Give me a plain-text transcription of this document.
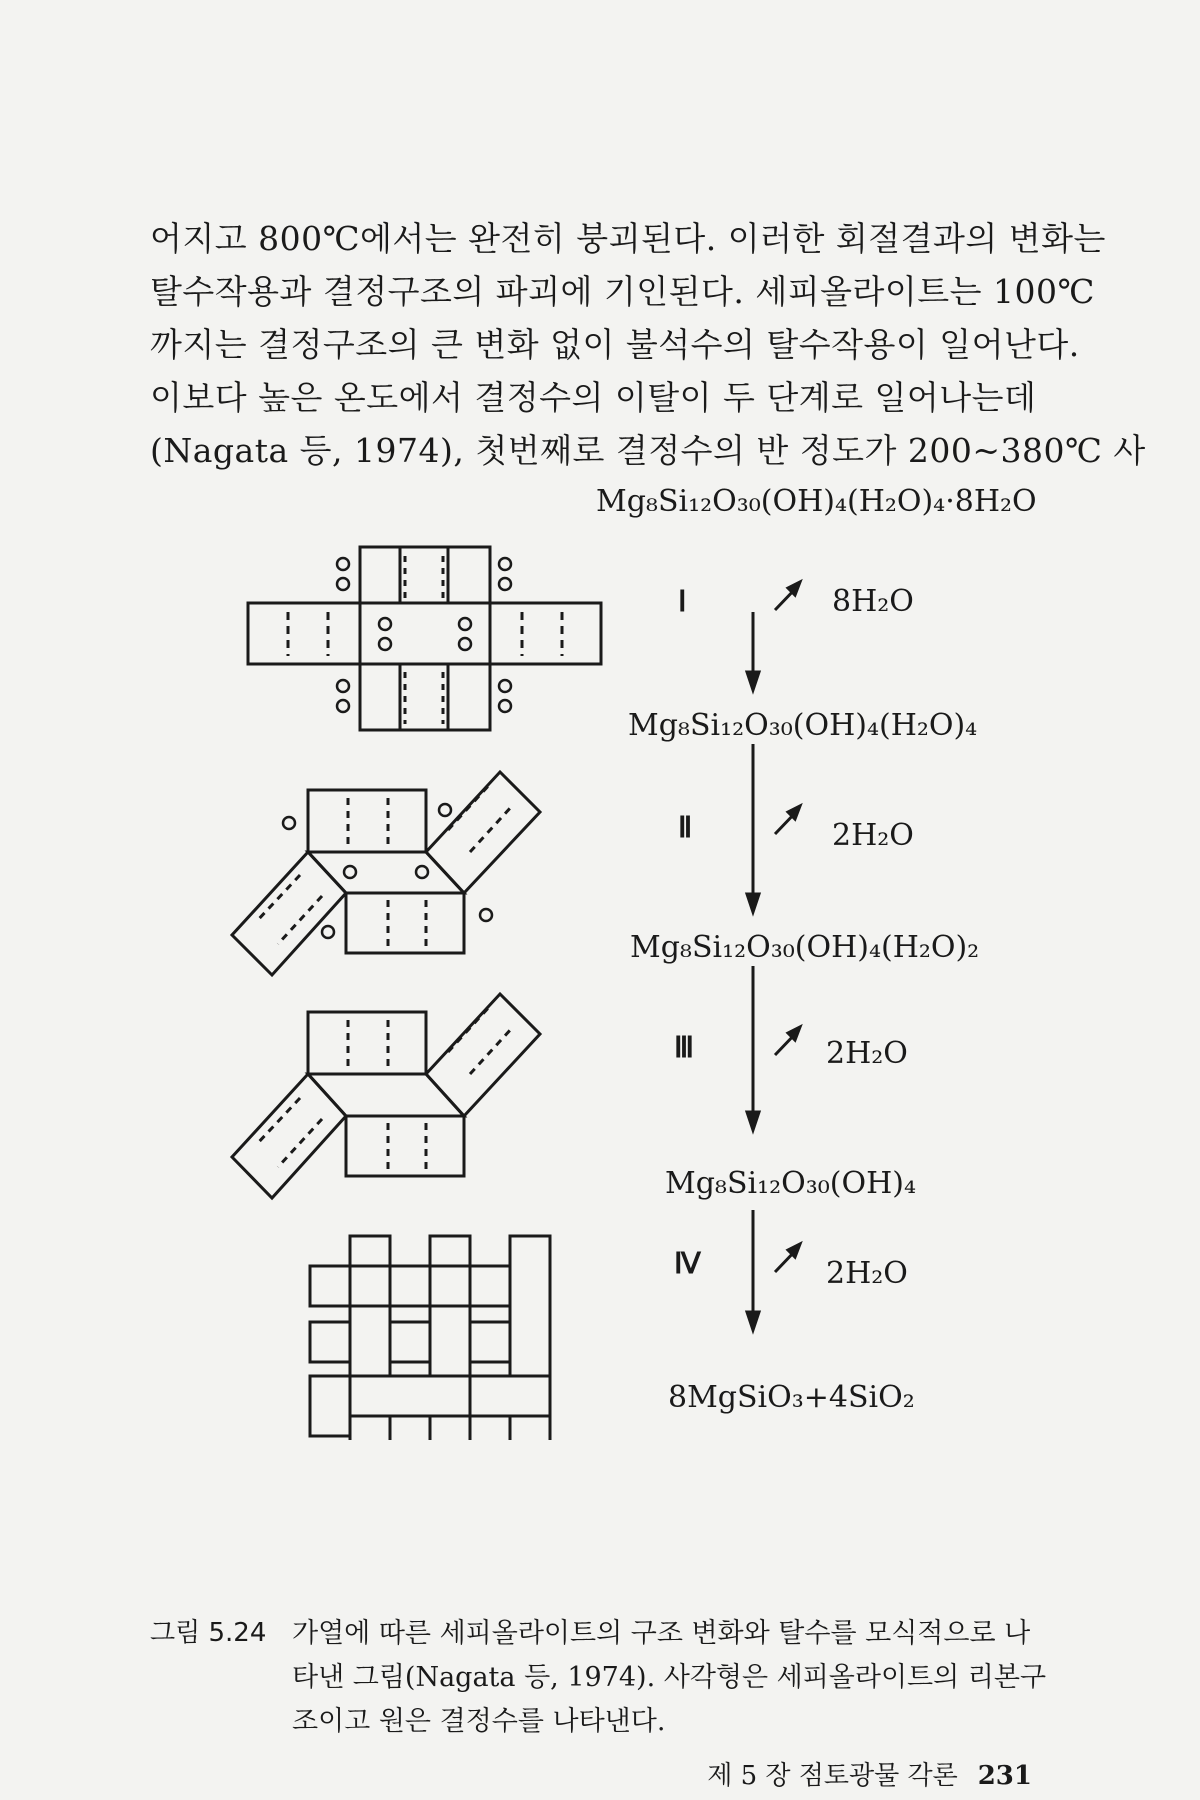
어지고 800℃에서는 완전히 붕괴된다. 이러한 회절결과의 변화는
탈수작용과 결정구조의 파괴에 기인된다. 세피올라이트는 100℃
까지는 결정구조의 큰 변화 없이 불석수의 탈수작용이 일어난다.
이보다 높은 온도에서 결정수의 이탈이 두 단계로 일어나는데
(Nagata 등, 1974), 첫번째로 결정수의 반 정도가 200~380℃ 사
Mg₈Si₁₂O₃₀(OH)₄(H₂O)₄·8H₂O
Mg₈Si₁₂O₃₀(OH)₄(H₂O)₄
Mg₈Si₁₂O₃₀(OH)₄(H₂O)₂
Mg₈Si₁₂O₃₀(OH)₄
8MgSiO₃+4SiO₂
Ⅰ
Ⅱ
Ⅲ
Ⅳ
8H₂O
2H₂O
2H₂O
2H₂O
그림 5.24 가열에 따른 세피올라이트의 구조 변화와 탈수를 모식적으로 나
타낸 그림(Nagata 등, 1974). 사각형은 세피올라이트의 리본구
조이고 원은 결정수를 나타낸다.
제 5 장 점토광물 각론 231
